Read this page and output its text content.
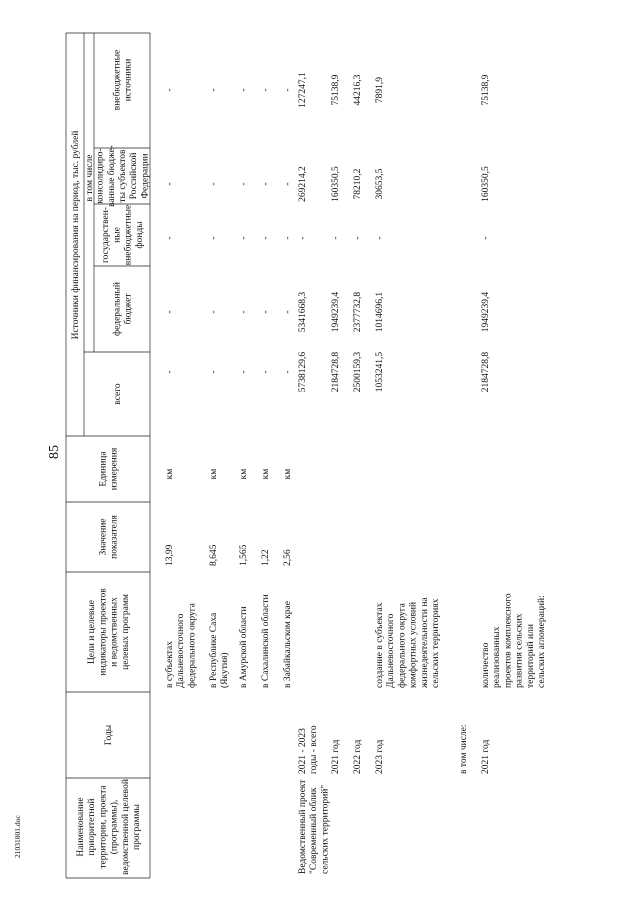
85
21031801.doc	Наименование приоритетной территории, проекта (программы), ведомственной целевой программы
Годы
Цели и целевые индикаторы проектов и ведомственных целевых программ
Значение показателя
Единица измерения
Источники финансирования на период, тыс. рублей
всего
в том числе
федеральный бюджет
государствен- ные внебюджетные фонды
консолидиро- ванные бюдже- ты субъектов Российской Федерации
внебюджетные источники
в субъектах Дальневосточного федерального округа
13,99
км
-
-
-
-
-
в Республике Саха (Якутия)
8,645
км
-
-
-
-
-
в Амурской области
1,565
км
-
-
-
-
-
в Сахалинской области
1,22
км
-
-
-
-
-
в Забайкальском крае
2,56
км
-
-
-
-
-
Ведомственный проект "Современный облик сельских территорий"
2021 - 2023 годы - всего
5738129,6
5341668,3
-
269214,2
127247,1
2021 год
2184728,8
1949239,4
-
160350,5
75138,9
2022 год
2500159,3
2377732,8
-
78210,2
44216,3
2023 год
1053241,5
1014696,1
-
30653,5
7891,9
создание в субъектах Дальневосточного федерального округа комфортных условий жизнедеятельности на сельских территориях
в том числе: 2021 год
количество реализованных проектов комплексного развития сельских территорий или сельских агломераций:
2184728,8
1949239,4
-
160350,5
75138,9
